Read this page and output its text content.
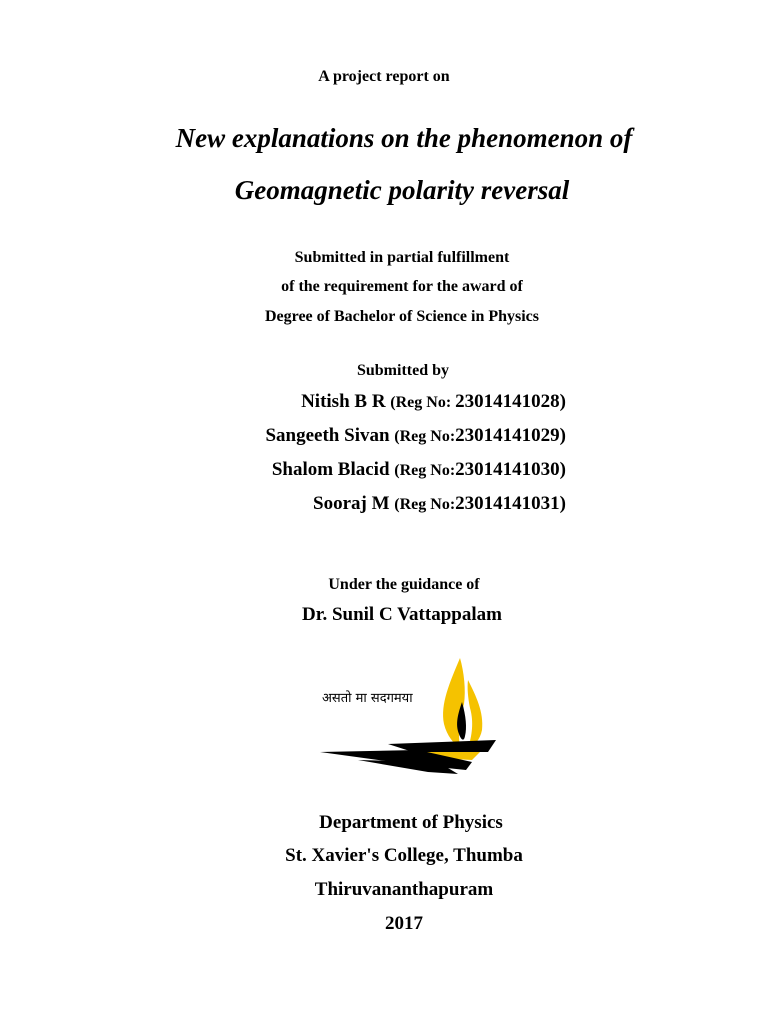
A project report on
New explanations on the phenomenon of
Geomagnetic polarity reversal
Submitted in partial fulfillment
of the requirement for the award of
Degree of Bachelor of Science in Physics
Submitted by
Nitish B R (Reg No: 23014141028)
Sangeeth Sivan (Reg No:23014141029)
Shalom Blacid (Reg No:23014141030)
Sooraj M (Reg No:23014141031)
Under the guidance of
Dr. Sunil C Vattappalam
असतो मा सदगमया
Department of Physics
St. Xavier's College, Thumba
Thiruvananthapuram
2017
